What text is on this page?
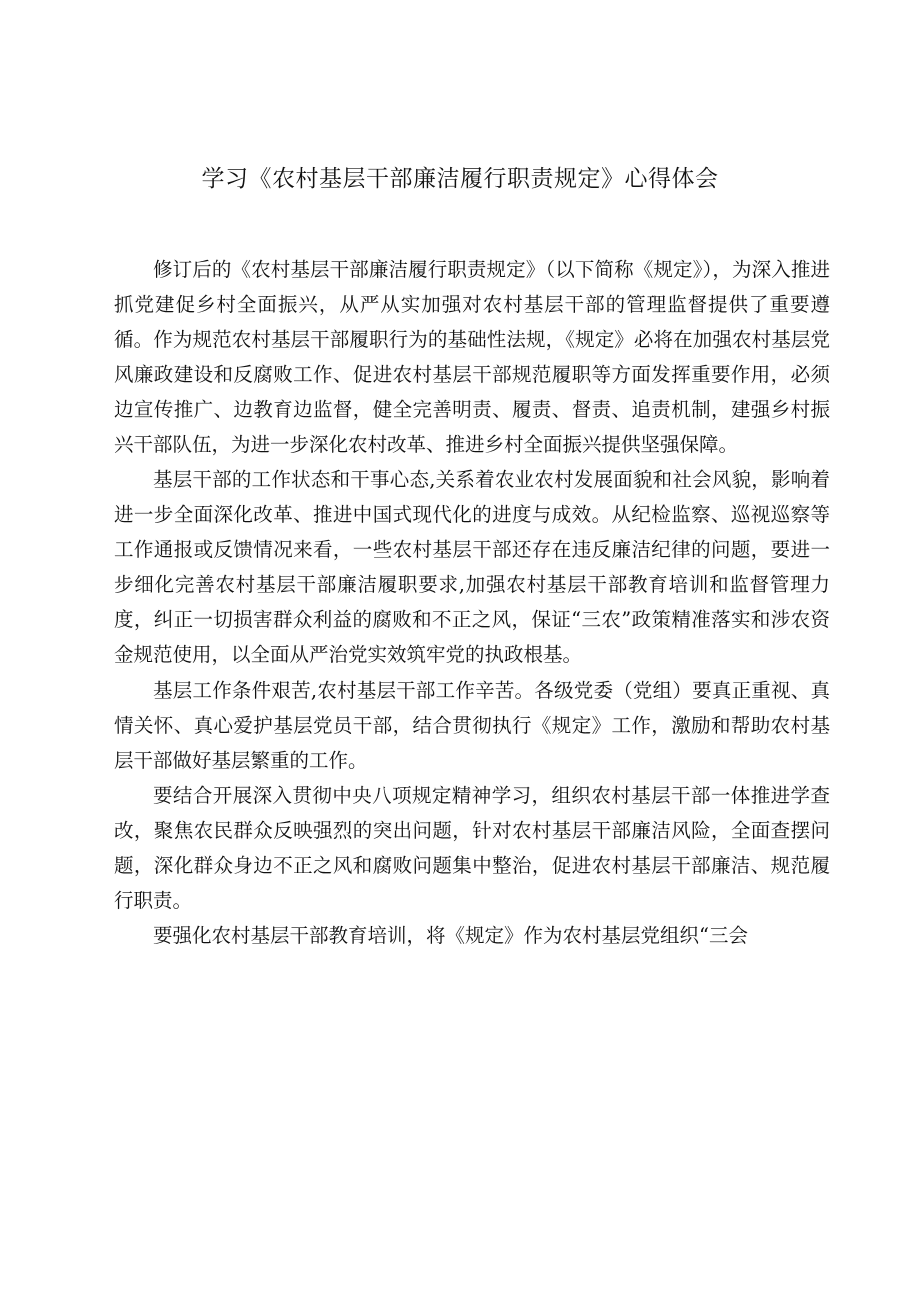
学习《农村基层干部廉洁履行职责规定》心得体会

修订后的《农村基层干部廉洁履行职责规定》（以下简称《规定》），为深入推进抓党建促乡村全面振兴，从严从实加强对农村基层干部的管理监督提供了重要遵循。作为规范农村基层干部履职行为的基础性法规，《规定》必将在加强农村基层党风廉政建设和反腐败工作、促进农村基层干部规范履职等方面发挥重要作用，必须边宣传推广、边教育边监督，健全完善明责、履责、督责、追责机制，建强乡村振兴干部队伍，为进一步深化农村改革、推进乡村全面振兴提供坚强保障。

基层干部的工作状态和干事心态,关系着农业农村发展面貌和社会风貌，影响着进一步全面深化改革、推进中国式现代化的进度与成效。从纪检监察、巡视巡察等工作通报或反馈情况来看，一些农村基层干部还存在违反廉洁纪律的问题，要进一步细化完善农村基层干部廉洁履职要求,加强农村基层干部教育培训和监督管理力度，纠正一切损害群众利益的腐败和不正之风，保证“三农”政策精准落实和涉农资金规范使用，以全面从严治党实效筑牢党的执政根基。

基层工作条件艰苦,农村基层干部工作辛苦。各级党委（党组）要真正重视、真情关怀、真心爱护基层党员干部，结合贯彻执行《规定》工作，激励和帮助农村基层干部做好基层繁重的工作。

要结合开展深入贯彻中央八项规定精神学习，组织农村基层干部一体推进学查改，聚焦农民群众反映强烈的突出问题，针对农村基层干部廉洁风险，全面查摆问题，深化群众身边不正之风和腐败问题集中整治，促进农村基层干部廉洁、规范履行职责。

要强化农村基层干部教育培训，将《规定》作为农村基层党组织“三会
